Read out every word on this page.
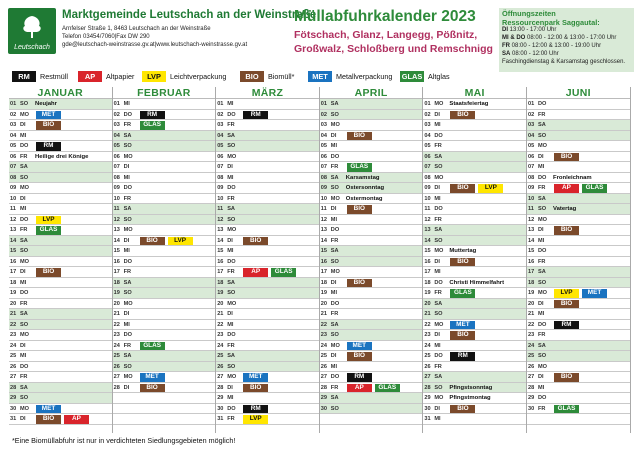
Leutschach
Marktgemeinde Leutschach an der Weinstraße
Arnfelser Straße 1, 8463 Leutschach an der Weinstraße
Telefon 03454/7060|Fax DW 290
gde@leutschach-weinstrasse.gv.at|www.leutschach-weinstrasse.gv.at
Müllabfuhrkalender 2023
Fötschach, Glanz, Langegg, Pößnitz,
Großwalz, Schloßberg und Remschnigg
Öffnungszeiten
Ressourcenpark Saggautal:
DI 13:00 - 17:00 Uhr
MI & DO 08:00 - 12:00 & 13:00 - 17:00 Uhr
FR 08:00 - 12:00 & 13:00 - 19:00 Uhr
SA 08:00 - 12:00 Uhr
Faschingdienstag & Karsamstag geschlossen.
RM	Restmüll	AP	Altpapier	LVP	Leichtverpackung	BIO	Biomüll*	MET	Metallverpackung GLAS Altglas
JANUAR
01 SO	Neujahr
02 MO	MET
03 DI	BIO
04 MI
05 DO	RM
06 FR	Heilige drei Könige
07 SA
08 SO
09 MO
10 DI
11 MI
12 DO	LVP
13 FR	GLAS
14 SA
15 SO
16 MO
17 DI	BIO
18 MI
19 DO
20 FR
21 SA
22 SO
23 MO
24 DI
25 MI
26 DO
27 FR
28 SA
29 SO
30 MO	MET
31 DI	BIO	AP
FEBRUAR
01 MI
02 DO	RM
03 FR	GLAS
04 SA
05 SO
06 MO
07 DI
08 MI
09 DO
10 FR
11 SA
12 SO
13 MO
14 DI	BIO	LVP
15 MI
16 DO
17 FR
18 SA
19 SO
20 MO
21 DI
22 MI
23 DO
24 FR	GLAS
25 SA
26 SO
27 MO	MET
28 DI	BIO
MÄRZ
01 MI
02 DO	RM
03 FR
04 SA
05 SO
06 MO
07 DI
08 MI
09 DO
10 FR
11 SA
12 SO
13 MO
14 DI	BIO
15 MI
16 DO
17 FR	AP	GLAS
18 SA
19 SO
20 MO
21 DI
22 MI
23 DO
24 FR
25 SA
26 SO
27 MO	MET
28 DI	BIO
29 MI
30 DO	RM
31 FR	LVP
APRIL
01 SA
02 SO
03 MO
04 DI	BIO
05 MI
06 DO
07 FR	GLAS
08 SA	Karsamstag
09 SO	Ostersonntag
10 MO	Ostermontag
11 DI	BIO
12 MI
13 DO
14 FR
15 SA
16 SO
17 MO
18 DI	BIO
19 MI
20 DO
21 FR
22 SA
23 SO
24 MO	MET
25 DI	BIO
26 MI
27 DO	RM
28 FR	AP	GLAS
29 SA
30 SO
MAI
01 MO	Staatsfeiertag
02 DI	BIO
03 MI
04 DO
05 FR
06 SA
07 SO
08 MO
09 DI	BIO	LVP
10 MI
11 DO
12 FR
13 SA
14 SO
15 MO	Muttertag
16 DI	BIO
17 MI
18 DO	Christi Himmelfahrt
19 FR	GLAS
20 SA
21 SO
22 MO	MET
23 DI	BIO
24 MI
25 DO	RM
26 FR
27 SA
28 SO	Pfingstsonntag
29 MO	Pfingstmontag
30 DI	BIO
31 MI
JUNI
01 DO
02 FR
03 SA
04 SO
05 MO
06 DI	BIO
07 MI
08 DO	Fronleichnam
09 FR	AP	GLAS
10 SA
11 SO	Vatertag
12 MO
13 DI	BIO
14 MI
15 DO
16 FR
17 SA
18 SO
19 MO	LVP	MET
20 DI	BIO
21 MI
22 DO	RM
23 FR
24 SA
25 SO
26 MO
27 DI	BIO
28 MI
29 DO
30 FR	GLAS
*Eine Biomüllabfuhr ist nur in verdichteten Siedlungsgebieten möglich!
